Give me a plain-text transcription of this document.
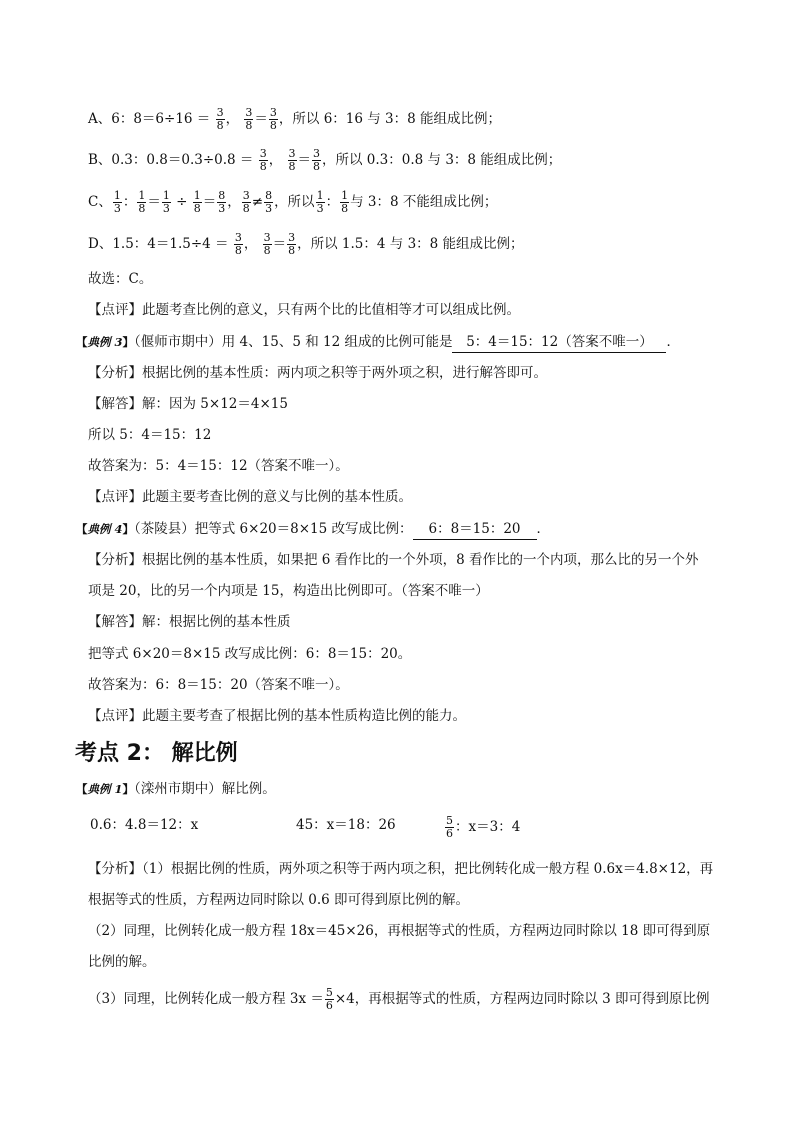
A、6：$8=6\div 16 = \frac{3}{8}$ ， $\frac{3}{8} = \frac{3}{8}$ ，所以 6：16 与 3：8 能组成比例；
B、0.3：$0.8=0.3\div 0.8 = \frac{3}{8}$ ， $\frac{3}{8} = \frac{3}{8}$ ，所以 0.3：0.8 与 3：8 能组成比例；
C、 $\frac{1}{3}$ ： $\frac{1}{8} = \frac{1}{3} \div \frac{1}{8} = \frac{8}{3}$ ， $\frac{3}{8} \ne \frac{8}{3}$ ，所以 $\frac{1}{3}$ ： $\frac{1}{8}$ 与 3：8 不能组成比例；
D、1.5：$4=1.5\div 4 = \frac{3}{8}$ ， $\frac{3}{8} = \frac{3}{8}$ ，所以 1.5：4 与 3：8 能组成比例；
故选：C。
【点评】此题考查比例的意义，只有两个比的比值相等才可以组成比例。
【典例 3】（偃师市期中）用 4、15、5 和 12 组成的比例可能是 5：4＝15：12（答案不唯一） ．
【分析】根据比例的基本性质：两内项之积等于两外项之积，进行解答即可。
【解答】解：因为 5×12＝4×15
所以 5：4＝15：12
故答案为：5：4＝15：12（答案不唯一）。
【点评】此题主要考查比例的意义与比例的基本性质。
【典例 4】（茶陵县）把等式 6×20＝8×15 改写成比例： 6：8＝15：20 ．
【分析】根据比例的基本性质，如果把 6 看作比的一个外项，8 看作比的一个内项，那么比的另一个外
项是 20，比的另一个内项是 15，构造出比例即可。（答案不唯一）
【解答】解：根据比例的基本性质
把等式 6×20＝8×15 改写成比例：6：8＝15：20。
故答案为：6：8＝15：20（答案不唯一）。
【点评】此题主要考查了根据比例的基本性质构造比例的能力。
考点 2： 解比例
【典例 1】（滦州市期中）解比例。
0.6：4.8＝12：x	45：x＝18：26	$\frac{5}{6}$ ：x＝3：4
【分析】（1）根据比例的性质，两外项之积等于两内项之积，把比例转化成一般方程 0.6x＝4.8×12，再
根据等式的性质，方程两边同时除以 0.6 即可得到原比例的解。
（2）同理，比例转化成一般方程 18x＝45×26，再根据等式的性质，方程两边同时除以 18 即可得到原
比例的解。
（3）同理，比例转化成一般方程 $3x = \frac{5}{6} \times 4$，再根据等式的性质，方程两边同时除以 3 即可得到原比例
